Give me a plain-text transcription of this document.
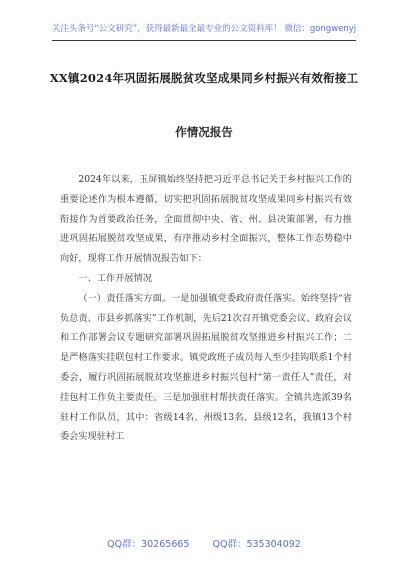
关注头条号“公文研究”，获得最新最全最专业的公文资料库！ 微信：gongwenyj
XX镇2024年巩固拓展脱贫攻坚成果同乡村振兴有效衔接工
作情况报告

2024年以来，玉屏镇始终坚持把习近平总书记关于乡村振兴工作的重要论述作为根本遵循，切实把巩固拓展脱贫攻坚成果同乡村振兴有效衔接作为首要政治任务，全面贯彻中央、省、州、县决策部署，有力推进巩固拓展脱贫攻坚成果，有序推动乡村全面振兴，整体工作态势稳中向好，现将工作开展情况报告如下：

一、工作开展情况

（一）责任落实方面。一是加强镇党委政府责任落实。始终坚持“省负总责、市县乡抓落实”工作机制，先后21次召开镇党委会议、政府会议和工作部署会议专题研究部署巩固拓展脱贫攻坚推进乡村振兴工作；二是严格落实挂联包村工作要求。镇党政班子成员每人至少挂钩联系1个村委会，履行巩固拓展脱贫攻坚推进乡村振兴包村“第一责任人”责任，对挂包村工作负主要责任。三是加强驻村帮扶责任落实。全镇共选派39名驻村工作队员，其中：省级14名、州级13名、县级12名，我镇13个村委会实现驻村工

QQ群：30265665 QQ群：535304092
